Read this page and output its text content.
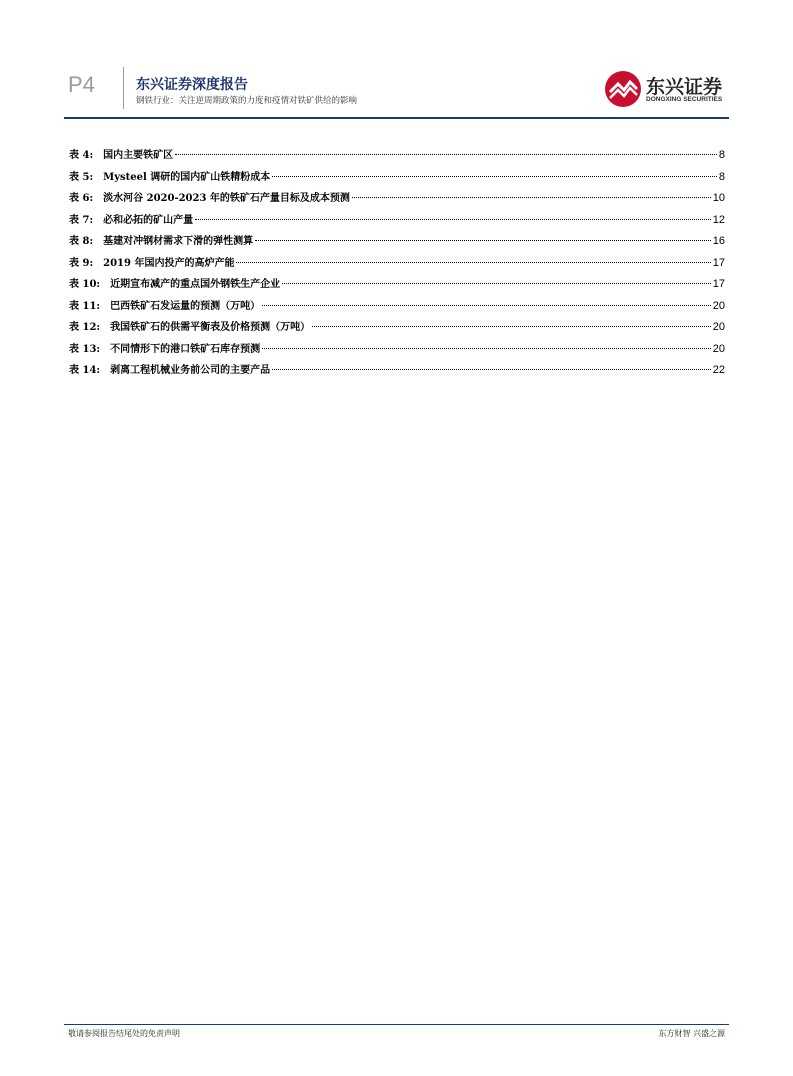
P4	东兴证券深度报告
钢铁行业：关注逆周期政策的力度和疫情对铁矿供给的影响
东兴证券
DONGXING SECURITIES
表 4: 国内主要铁矿区	8
表 5: Mysteel 调研的国内矿山铁精粉成本	8
表 6: 淡水河谷 2020-2023 年的铁矿石产量目标及成本预测	10
表 7: 必和必拓的矿山产量	12
表 8: 基建对冲钢材需求下滑的弹性测算	16
表 9: 2019 年国内投产的高炉产能	17
表 10: 近期宣布减产的重点国外钢铁生产企业	17
表 11: 巴西铁矿石发运量的预测（万吨）	20
表 12: 我国铁矿石的供需平衡表及价格预测（万吨）	20
表 13: 不同情形下的港口铁矿石库存预测	20
表 14: 剥离工程机械业务前公司的主要产品	22
敬请参阅报告结尾处的免责声明	东方财智 兴盛之源
